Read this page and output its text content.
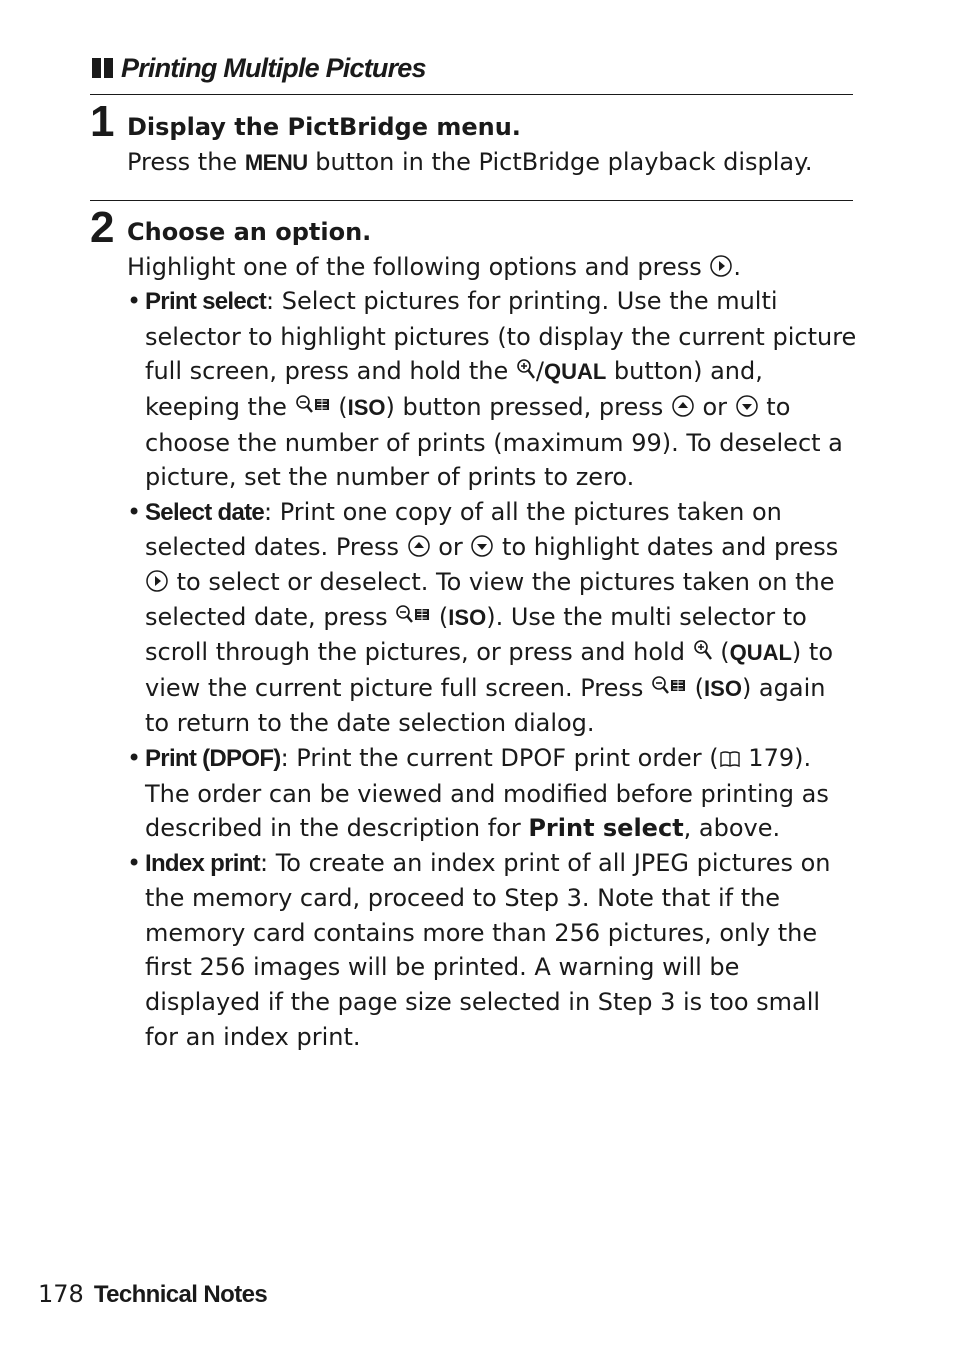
Printing Multiple Pictures
1 Display the PictBridge menu.
Press the MENU button in the PictBridge playback display.
2 Choose an option.
Highlight one of the following options and press .
• Print select: Select pictures for printing. Use the multi selector to highlight pictures (to display the current picture full screen, press and hold the /QUAL button) and, keeping the  (ISO) button pressed, press  or  to choose the number of prints (maximum 99). To deselect a picture, set the number of prints to zero.
• Select date: Print one copy of all the pictures taken on selected dates. Press  or  to highlight dates and press  to select or deselect. To view the pictures taken on the selected date, press  (ISO). Use the multi selector to scroll through the pictures, or press and hold  (QUAL) to view the current picture full screen. Press  (ISO) again to return to the date selection dialog.
• Print (DPOF): Print the current DPOF print order ( 179). The order can be viewed and modified before printing as described in the description for Print select, above.
• Index print: To create an index print of all JPEG pictures on the memory card, proceed to Step 3. Note that if the memory card contains more than 256 pictures, only the first 256 images will be printed. A warning will be displayed if the page size selected in Step 3 is too small for an index print.
178 Technical Notes
